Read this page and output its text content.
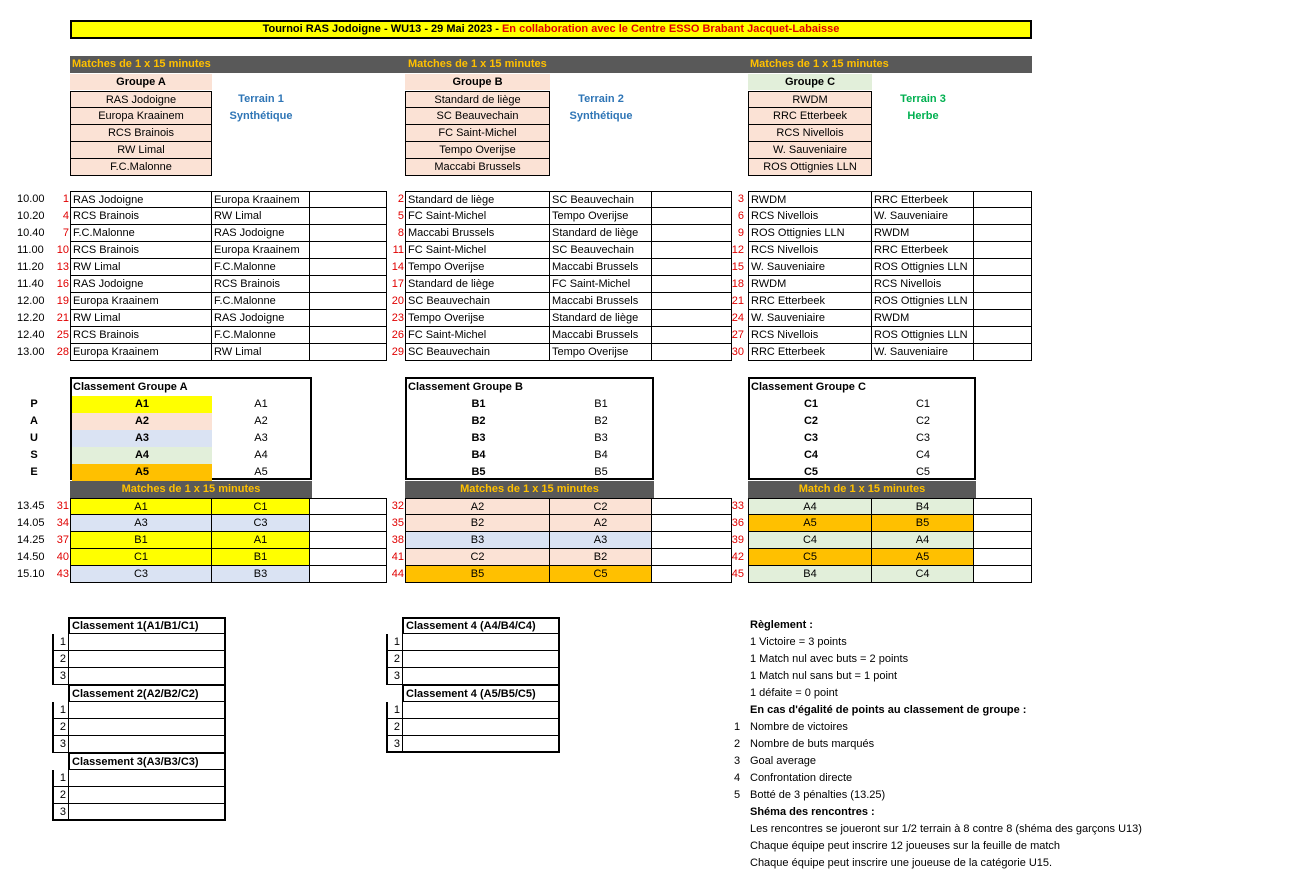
Tournoi RAS Jodoigne - WU13 - 29 Mai 2023 - En collaboration avec le Centre ESSO Brabant Jacquet-Labaisse
Matches de 1 x 15 minutes	Matches de 1 x 15 minutes	Matches de 1 x 15 minutes
Groupe A
RAS Jodoigne
Europa Kraainem
RCS Brainois
RW Limal
F.C.Malonne
Terrain 1
Synthétique
Groupe B
Standard de liège
SC Beauvechain
FC Saint-Michel
Tempo Overijse
Maccabi Brussels
Terrain 2
Synthétique
Groupe C
RWDM
RRC Etterbeek
RCS Nivellois
W. Sauveniaire
ROS Ottignies LLN
Terrain 3
Herbe
10.00	1 RAS Jodoigne	Europa Kraainem	2 Standard de liège	SC Beauvechain	3 RWDM	RRC Etterbeek
10.20	4 RCS Brainois	RW Limal	5 FC Saint-Michel	Tempo Overijse	6 RCS Nivellois	W. Sauveniaire
10.40	7 F.C.Malonne	RAS Jodoigne	8 Maccabi Brussels	Standard de liège	9 ROS Ottignies LLN	RWDM
11.00	10 RCS Brainois	Europa Kraainem	11 FC Saint-Michel	SC Beauvechain	12 RCS Nivellois	RRC Etterbeek
11.20	13 RW Limal	F.C.Malonne	14 Tempo Overijse	Maccabi Brussels	15 W. Sauveniaire	ROS Ottignies LLN
11.40	16 RAS Jodoigne	RCS Brainois	17 Standard de liège	FC Saint-Michel	18 RWDM	RCS Nivellois
12.00	19 Europa Kraainem	F.C.Malonne	20 SC Beauvechain	Maccabi Brussels	21 RRC Etterbeek	ROS Ottignies LLN
12.20	21 RW Limal	RAS Jodoigne	23 Tempo Overijse	Standard de liège	24 W. Sauveniaire	RWDM
12.40	25 RCS Brainois	F.C.Malonne	26 FC Saint-Michel	Maccabi Brussels	27 RCS Nivellois	ROS Ottignies LLN
13.00	28 Europa Kraainem	RW Limal	29 SC Beauvechain	Tempo Overijse	30 RRC Etterbeek	W. Sauveniaire
Classement Groupe A
A1	A1
A2	A2
A3	A3
A4	A4
A5	A5
Classement Groupe B
B1	B1
B2	B2
B3	B3
B4	B4
B5	B5
Classement Groupe C
C1	C1
C2	C2
C3	C3
C4	C4
C5	C5
P
A
U
S
E
Matches de 1 x 15 minutes	Matches de 1 x 15 minutes	Match de 1 x 15 minutes
13.45	31	A1	C1	32	A2	C2	33	A4	B4
14.05	34	A3	C3	35	B2	A2	36	A5	B5
14.25	37	B1	A1	38	B3	A3	39	C4	A4
14.50	40	C1	B1	41	C2	B2	42	C5	A5
15.10	43	C3	B3	44	B5	C5	45	B4	C4
Classement 1(A1/B1/C1)
1
2
3
Classement 2(A2/B2/C2)
1
2
3
Classement 3(A3/B3/C3)
1
2
3
Classement 4 (A4/B4/C4)
1
2
3
Classement 4 (A5/B5/C5)
1
2
3
Règlement :
1 Victoire = 3 points
1 Match nul avec buts = 2 points
1 Match nul sans but = 1 point
1 défaite = 0 point
En cas d'égalité de points au classement de groupe :
1 Nombre de victoires
2 Nombre de buts marqués
3 Goal average
4 Confrontation directe
5 Botté de 3 pénalties (13.25)
Shéma des rencontres :
Les rencontres se joueront sur 1/2 terrain à 8 contre 8 (shéma des garçons U13)
Chaque équipe peut inscrire 12 joueuses sur la feuille de match
Chaque équipe peut inscrire une joueuse de la catégorie U15.
